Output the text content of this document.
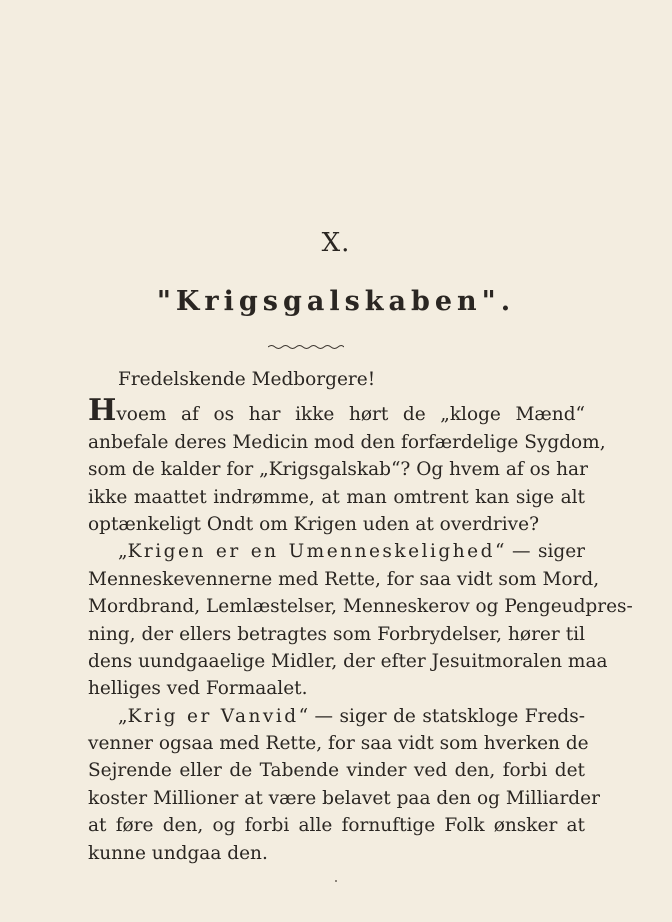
X.
"Krigsgalskaben".
Fredelskende Medborgere!
Hvoem af os har ikke hørt de „kloge Mænd“
anbefale deres Medicin mod den forfærdelige Sygdom,
som de kalder for „Krigsgalskab“? Og hvem af os har
ikke maattet indrømme, at man omtrent kan sige alt
optænkeligt Ondt om Krigen uden at overdrive?
„Krigen er en Umenneskelighed“ — siger
Menneskevennerne med Rette, for saa vidt som Mord,
Mordbrand, Lemlæstelser, Menneskerov og Pengeudpres-
ning, der ellers betragtes som Forbrydelser, hører til
dens uundgaaelige Midler, der efter Jesuitmoralen maa
helliges ved Formaalet.
„Krig er Vanvid“ — siger de statskloge Freds-
venner ogsaa med Rette, for saa vidt som hverken de
Sejrende eller de Tabende vinder ved den, forbi det
koster Millioner at være belavet paa den og Milliarder
at føre den, og forbi alle fornuftige Folk ønsker at
kunne undgaa den.
